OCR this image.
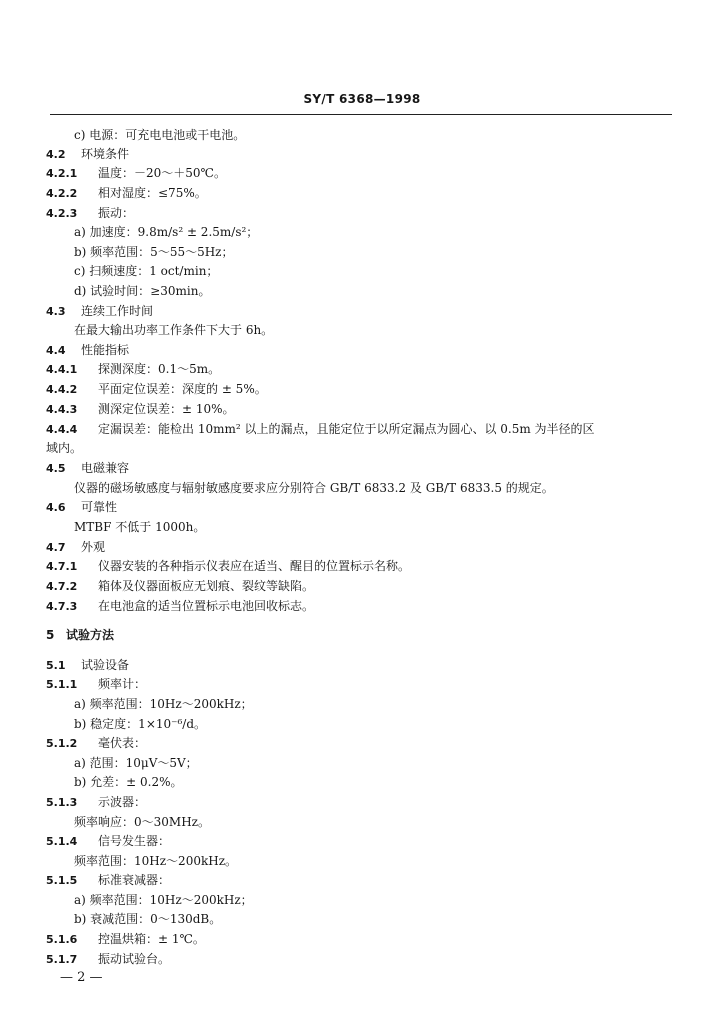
SY/T 6368—1998
c) 电源：可充电电池或干电池。
4.2 环境条件
4.2.1 温度：－20～＋50℃。
4.2.2 相对湿度：≤75%。
4.2.3 振动：
a) 加速度：9.8m/s² ± 2.5m/s²；
b) 频率范围：5～55～5Hz；
c) 扫频速度：1 oct/min；
d) 试验时间：≥30min。
4.3 连续工作时间
在最大输出功率工作条件下大于 6h。
4.4 性能指标
4.4.1 探测深度：0.1～5m。
4.4.2 平面定位误差：深度的 ± 5%。
4.4.3 测深定位误差：± 10%。
4.4.4 定漏误差：能检出 10mm² 以上的漏点，且能定位于以所定漏点为圆心、以 0.5m 为半径的区
域内。
4.5 电磁兼容
仪器的磁场敏感度与辐射敏感度要求应分别符合 GB/T 6833.2 及 GB/T 6833.5 的规定。
4.6 可靠性
MTBF 不低于 1000h。
4.7 外观
4.7.1 仪器安装的各种指示仪表应在适当、醒目的位置标示名称。
4.7.2 箱体及仪器面板应无划痕、裂纹等缺陷。
4.7.3 在电池盒的适当位置标示电池回收标志。
5 试验方法
5.1 试验设备
5.1.1 频率计：
a) 频率范围：10Hz～200kHz；
b) 稳定度：1×10⁻⁶/d。
5.1.2 毫伏表：
a) 范围：10μV～5V；
b) 允差：± 0.2%。
5.1.3 示波器：
频率响应：0～30MHz。
5.1.4 信号发生器：
频率范围：10Hz～200kHz。
5.1.5 标准衰减器：
a) 频率范围：10Hz～200kHz；
b) 衰减范围：0～130dB。
5.1.6 控温烘箱：± 1℃。
5.1.7 振动试验台。
— 2 —
